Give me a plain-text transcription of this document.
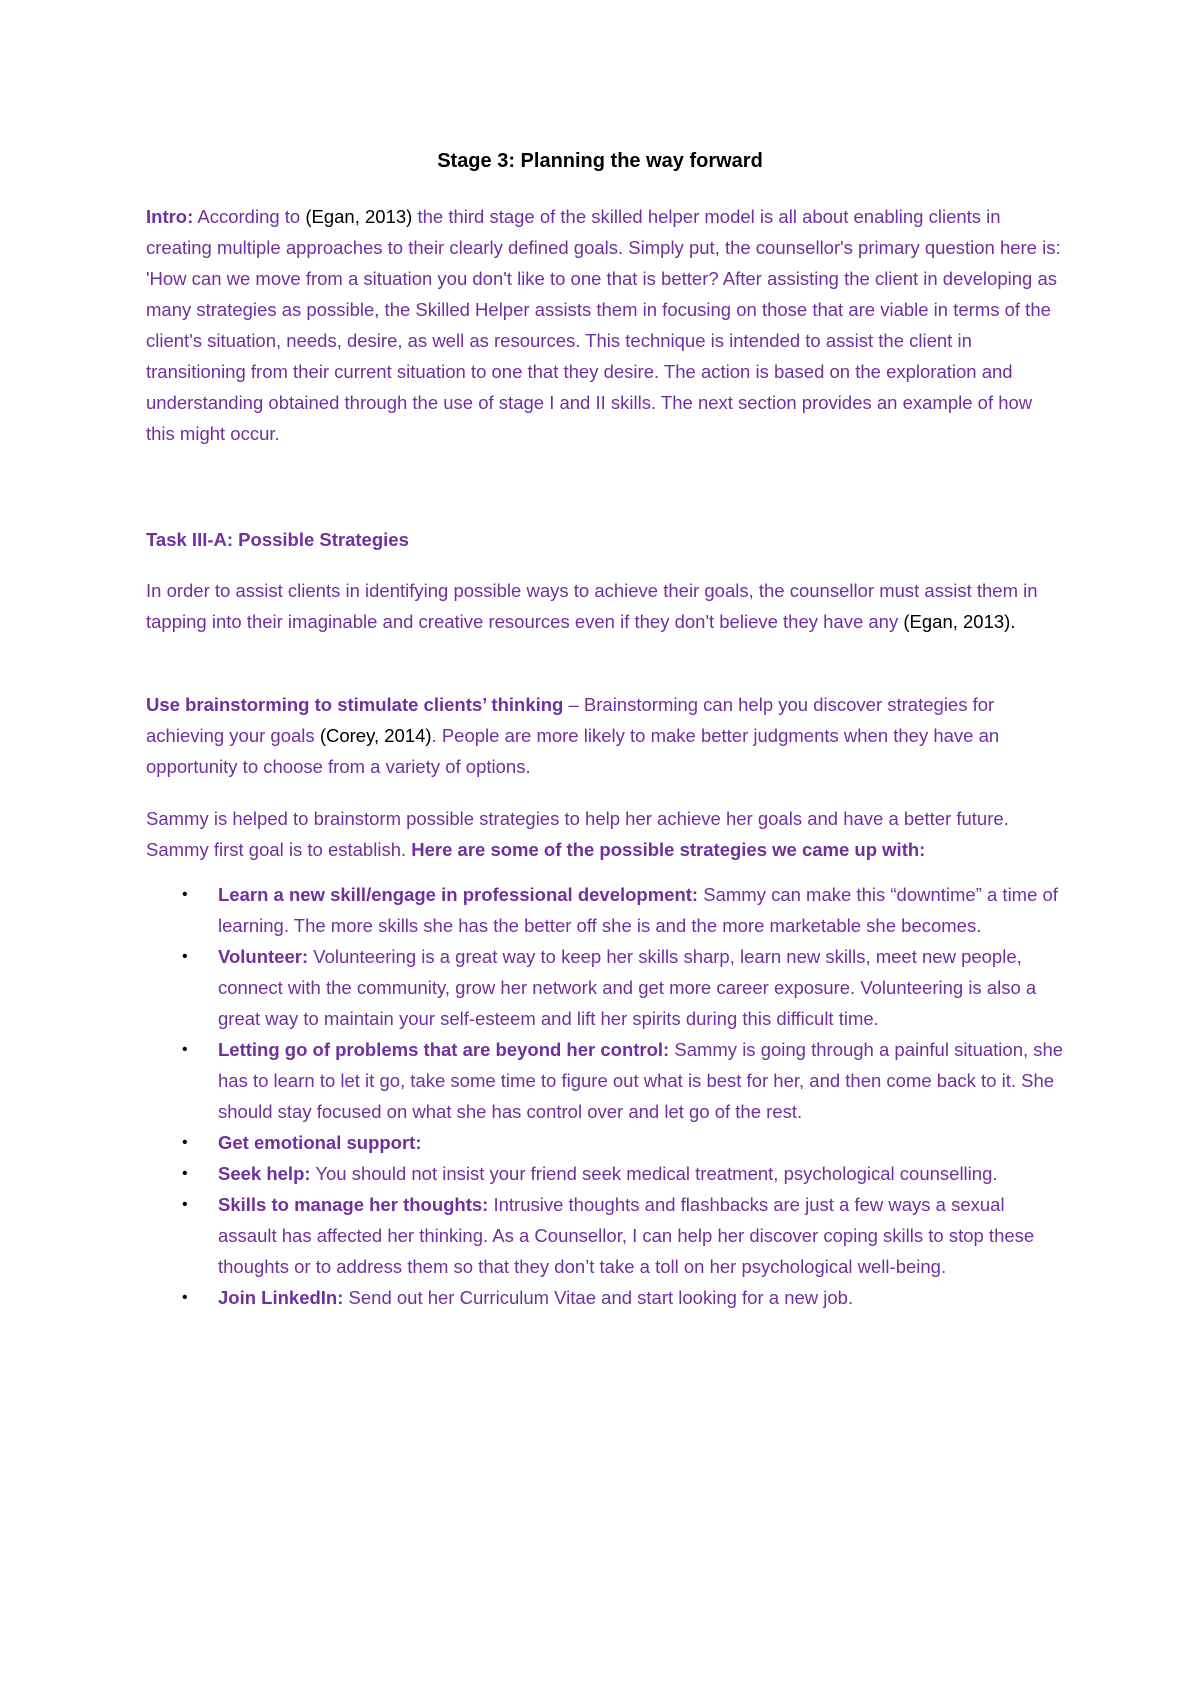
Stage 3: Planning the way forward

Intro: According to (Egan, 2013) the third stage of the skilled helper model is all about enabling clients in creating multiple approaches to their clearly defined goals. Simply put, the counsellor's primary question here is: 'How can we move from a situation you don't like to one that is better? After assisting the client in developing as many strategies as possible, the Skilled Helper assists them in focusing on those that are viable in terms of the client's situation, needs, desire, as well as resources. This technique is intended to assist the client in transitioning from their current situation to one that they desire. The action is based on the exploration and understanding obtained through the use of stage I and II skills. The next section provides an example of how this might occur.

Task III-A: Possible Strategies

In order to assist clients in identifying possible ways to achieve their goals, the counsellor must assist them in tapping into their imaginable and creative resources even if they don't believe they have any (Egan, 2013).

Use brainstorming to stimulate clients’ thinking – Brainstorming can help you discover strategies for achieving your goals (Corey, 2014). People are more likely to make better judgments when they have an opportunity to choose from a variety of options.

Sammy is helped to brainstorm possible strategies to help her achieve her goals and have a better future. Sammy first goal is to establish. Here are some of the possible strategies we came up with:

• Learn a new skill/engage in professional development: Sammy can make this “downtime” a time of learning. The more skills she has the better off she is and the more marketable she becomes.
• Volunteer: Volunteering is a great way to keep her skills sharp, learn new skills, meet new people, connect with the community, grow her network and get more career exposure. Volunteering is also a great way to maintain your self-esteem and lift her spirits during this difficult time.
• Letting go of problems that are beyond her control: Sammy is going through a painful situation, she has to learn to let it go, take some time to figure out what is best for her, and then come back to it. She should stay focused on what she has control over and let go of the rest.
• Get emotional support:
• Seek help: You should not insist your friend seek medical treatment, psychological counselling.
• Skills to manage her thoughts: Intrusive thoughts and flashbacks are just a few ways a sexual assault has affected her thinking. As a Counsellor, I can help her discover coping skills to stop these thoughts or to address them so that they don’t take a toll on her psychological well-being.
• Join LinkedIn: Send out her Curriculum Vitae and start looking for a new job.
